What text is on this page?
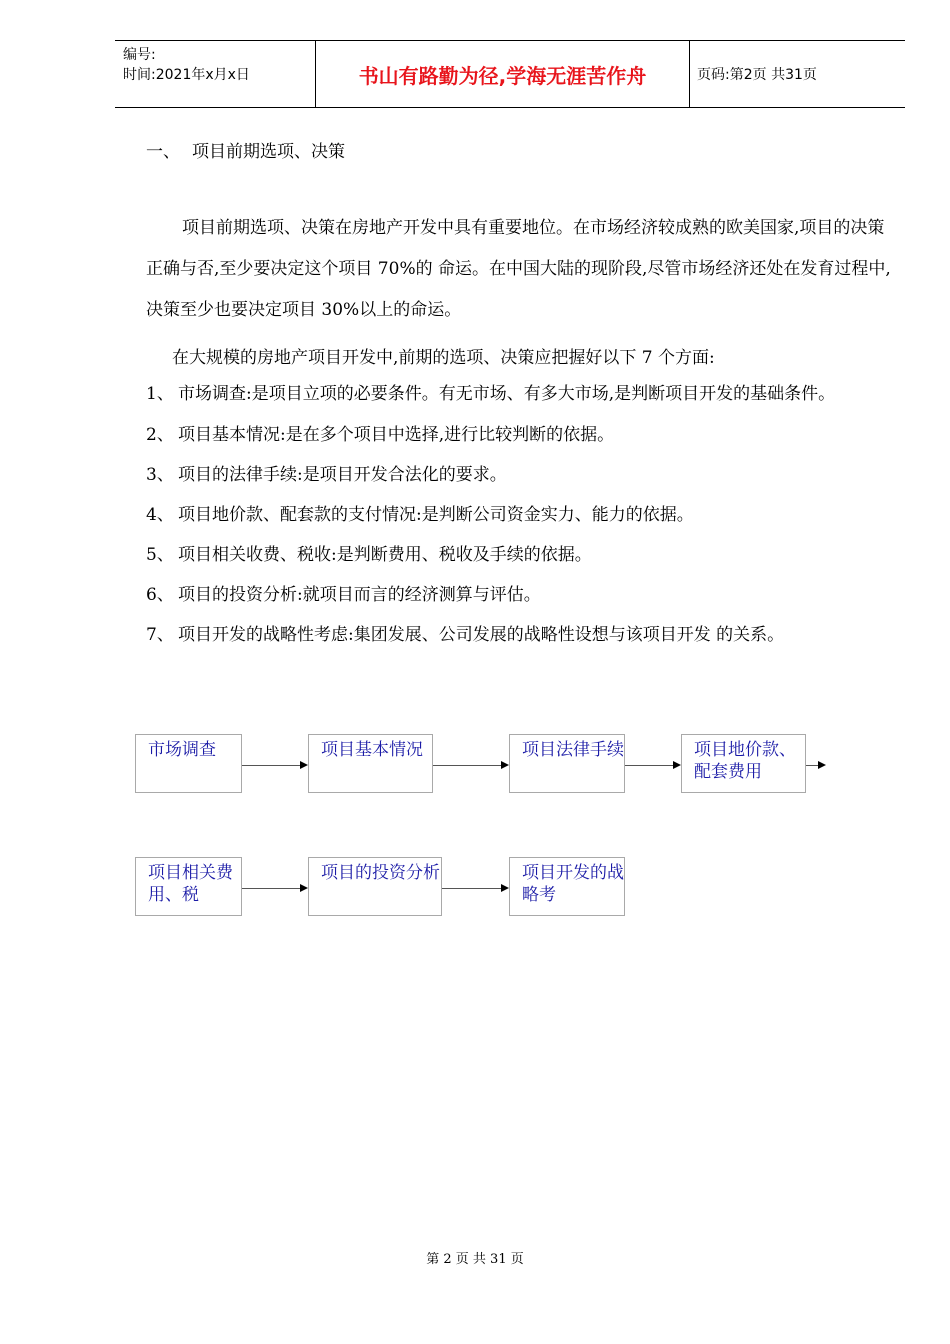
编号:
时间:2021年x月x日	书山有路勤为径,学海无涯苦作舟	页码:第2页 共31页
一、 项目前期选项、决策

项目前期选项、决策在房地产开发中具有重要地位。在市场经济较成熟的欧美国家,项目的决策正确与否,至少要决定这个项目 70%的 命运。在中国大陆的现阶段,尽管市场经济还处在发育过程中,决策至少也要决定项目 30%以上的命运。

在大规模的房地产项目开发中,前期的选项、决策应把握好以下 7 个方面:

1、 市场调查:是项目立项的必要条件。有无市场、有多大市场,是判断项目开发的基础条件。
2、 项目基本情况:是在多个项目中选择,进行比较判断的依据。
3、 项目的法律手续:是项目开发合法化的要求。
4、 项目地价款、配套款的支付情况:是判断公司资金实力、能力的依据。
5、 项目相关收费、税收:是判断费用、税收及手续的依据。
6、 项目的投资分析:就项目而言的经济测算与评估。
7、 项目开发的战略性考虑:集团发展、公司发展的战略性设想与该项目开发 的关系。
市场调查	项目基本情况	项目法律手续	项目地价款、配套费用
项目相关费用、税
项目的投资分析	项目开发的战略考
第 2 页 共 31 页
